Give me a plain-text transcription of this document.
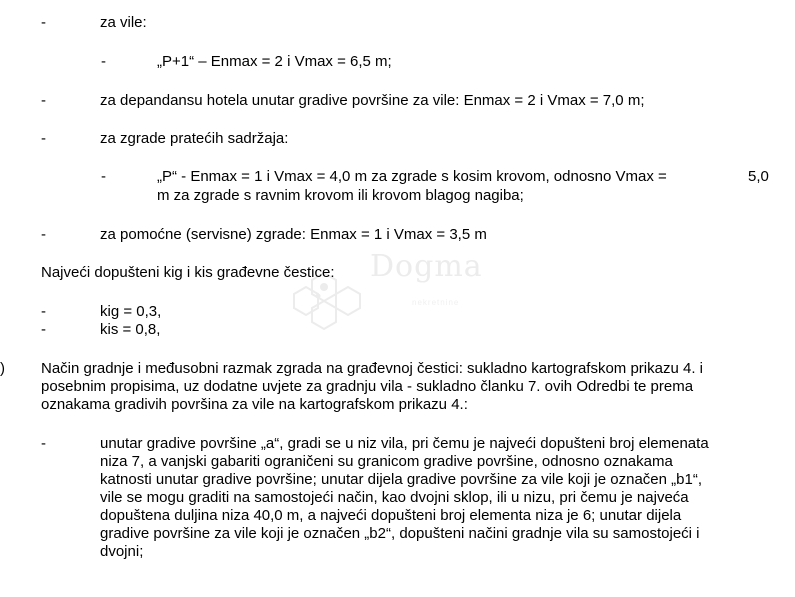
Dogma
nekretnine
-	za vile:
-	„P+1“ – Enmax = 2 i Vmax = 6,5 m;
-	za depandansu hotela unutar gradive površine za vile: Enmax = 2 i Vmax = 7,0 m;
-	za zgrade pratećih sadržaja:
-	„P“ - Enmax = 1 i Vmax = 4,0 m za zgrade s kosim krovom, odnosno Vmax =	5,0
m za zgrade s ravnim krovom ili krovom blagog nagiba;
-	za pomoćne (servisne) zgrade: Enmax = 1 i Vmax = 3,5 m
Najveći dopušteni kig i kis građevne čestice:
-	kig = 0,3,
-	kis = 0,8,
) Način gradnje i međusobni razmak zgrada na građevnoj čestici: sukladno kartografskom prikazu 4. i
posebnim propisima, uz dodatne uvjete za gradnju vila - sukladno članku 7. ovih Odredbi te prema
oznakama gradivih površina za vile na kartografskom prikazu 4.:
-	unutar gradive površine „a“, gradi se u niz vila, pri čemu je najveći dopušteni broj elemenata
niza 7, a vanjski gabariti ograničeni su granicom gradive površine, odnosno oznakama
katnosti unutar gradive površine; unutar dijela gradive površine za vile koji je označen „b1“,
vile se mogu graditi na samostojeći način, kao dvojni sklop, ili u nizu, pri čemu je najveća
dopuštena duljina niza 40,0 m, a najveći dopušteni broj elementa niza je 6; unutar dijela
gradive površine za vile koji je označen „b2“, dopušteni načini gradnje vila su samostojeći i
dvojni;
